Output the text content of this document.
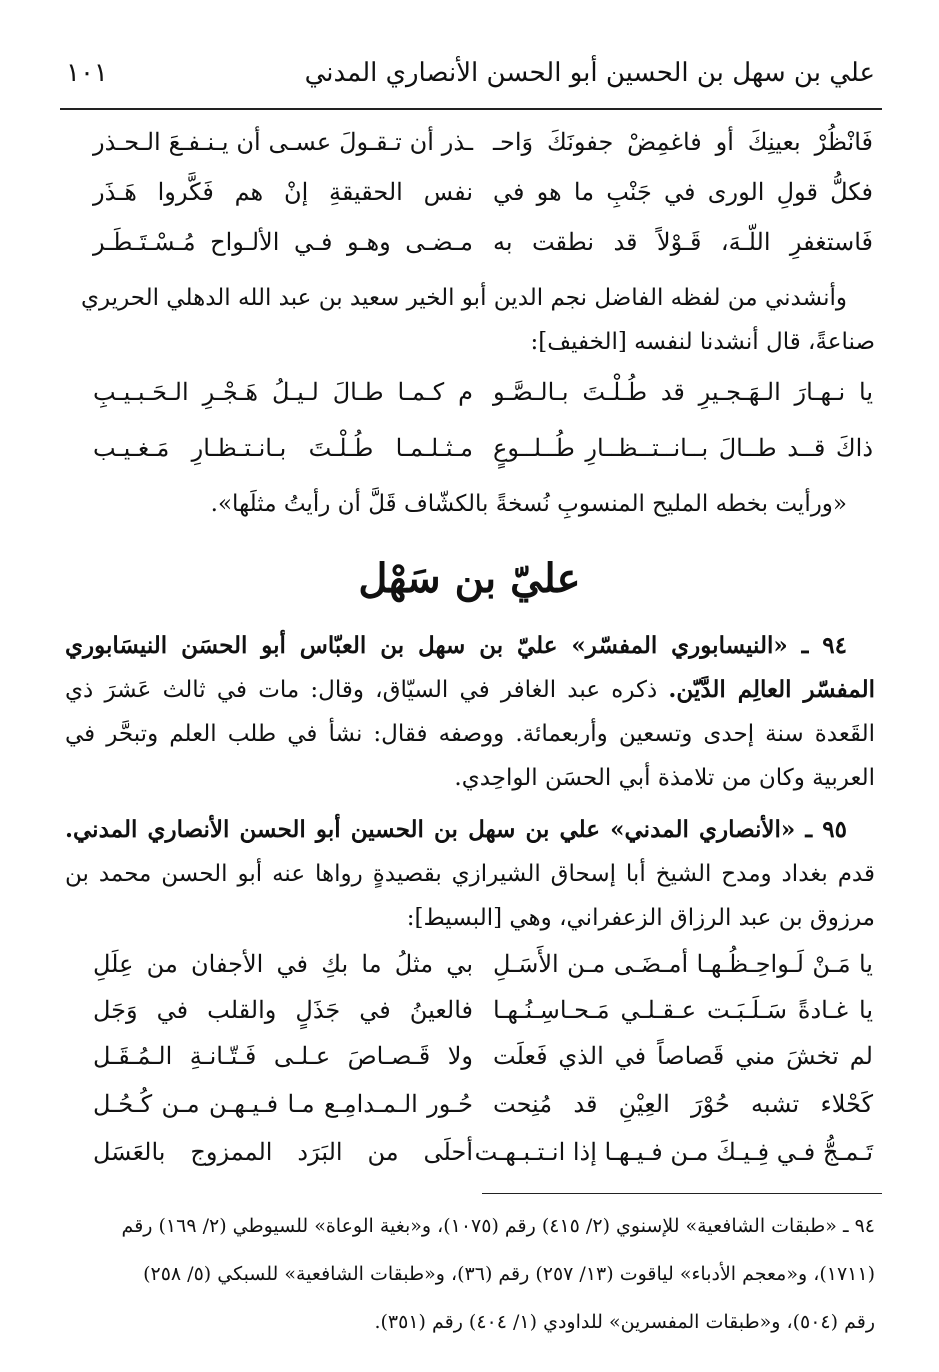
علي بن سهل بن الحسين أبو الحسن الأنصاري المدني
١٠١
فَانْظُرْ بعينِكَ أو فاغمِضْ جفونَكَ وَاحـ
ـذر أن تـقـولَ عسـى أن يـنـفـعَ الـحـذر
فكلُّ قولِ الورى في جَنْبِ ما هو في
نفس الحقيقةِ إنْ هم فَكَّروا هَـذَر
فَاستغفرِ اللّـهَ، قَـوْلاً قد نطقت به
مـضـى وهـو فـي الألـواح مُـسْـتَـطَـر
وأنشدني من لفظه الفاضل نجم الدين أبو الخير سعيد بن عبد الله الدهلي الحريري
صناعةً، قال أنشدنا لنفسه [الخفيف]:
يا نـهـارَ الـهَـجـيرِ قد طُـلْـتَ بـالـصَّـو
م كـمـا طـالَ لـيـلُ هَـجْـرِ الـحَـبـيـبِ
ذاكَ قــد طــالَ بــانــتــظــارِ طُــلــوعٍ
مـثـلـمـا طُـلْـتَ بـانـتـظـارِ مَـغـيـب
«ورأيت بخطه المليح المنسوبِ نُسخةً بالكشّاف قَلَّ أن رأيتُ مثلَها».
عليّ بن سَهْل
٩٤ ـ «النيسابوري المفسّر» عليّ بن سهل بن العبّاس أبو الحسَن النيسَابوري المفسّر العالِم الدَّيّن. ذكره عبد الغافر في السيّاق، وقال: مات في ثالث عَشرَ ذي القَعدة سنة إحدى وتسعين وأربعمائة. ووصفه فقال: نشأ في طلب العلم وتبحَّر في العربية وكان من تلامذة أبي الحسَن الواحِدي.
٩٥ ـ «الأنصاري المدني» علي بن سهل بن الحسين أبو الحسن الأنصاري المدني. قدم بغداد ومدح الشيخ أبا إسحاق الشيرازي بقصيدةٍ رواها عنه أبو الحسن محمد بن مرزوق بن عبد الرزاق الزعفراني، وهي [البسيط]:
يا مَـنْ لَـواحِـظُـهـا أمـضَـى مـن الأَسَـلِ
بي مثلُ ما بكِ في الأجفان من عِلَلِ
يا غـادةً سَـلَـبَـت عـقـلـي مَـحـاسِـنُـهـا
فالعينُ في جَذَلٍ والقلب في وَجَل
لم تخشَ مني قَصاصاً في الذي فَعلَت
ولا قَـصـاصَ عـلـى فَـتّـانـةِ الـمُـقَـل
كَحْلاء تشبه حُوْرَ العِيْنِ قد مُنِحت
حُـور الـمـدامِـع مـا فـيـهـن مـن كُـحُـل
تَـمـجُّ فـي فِـيـكَ مـن فـيـهـا إذا انـتـبـهـت
أحلَى من البَرَد الممزوج بالعَسَل
٩٤ ـ «طبقات الشافعية» للإسنوي (٢/ ٤١٥) رقم (١٠٧٥)، و«بغية الوعاة» للسيوطي (٢/ ١٦٩) رقم
(١٧١١)، و«معجم الأدباء» لياقوت (١٣/ ٢٥٧) رقم (٣٦)، و«طبقات الشافعية» للسبكي (٥/ ٢٥٨)
رقم (٥٠٤)، و«طبقات المفسرين» للداودي (١/ ٤٠٤) رقم (٣٥١).
